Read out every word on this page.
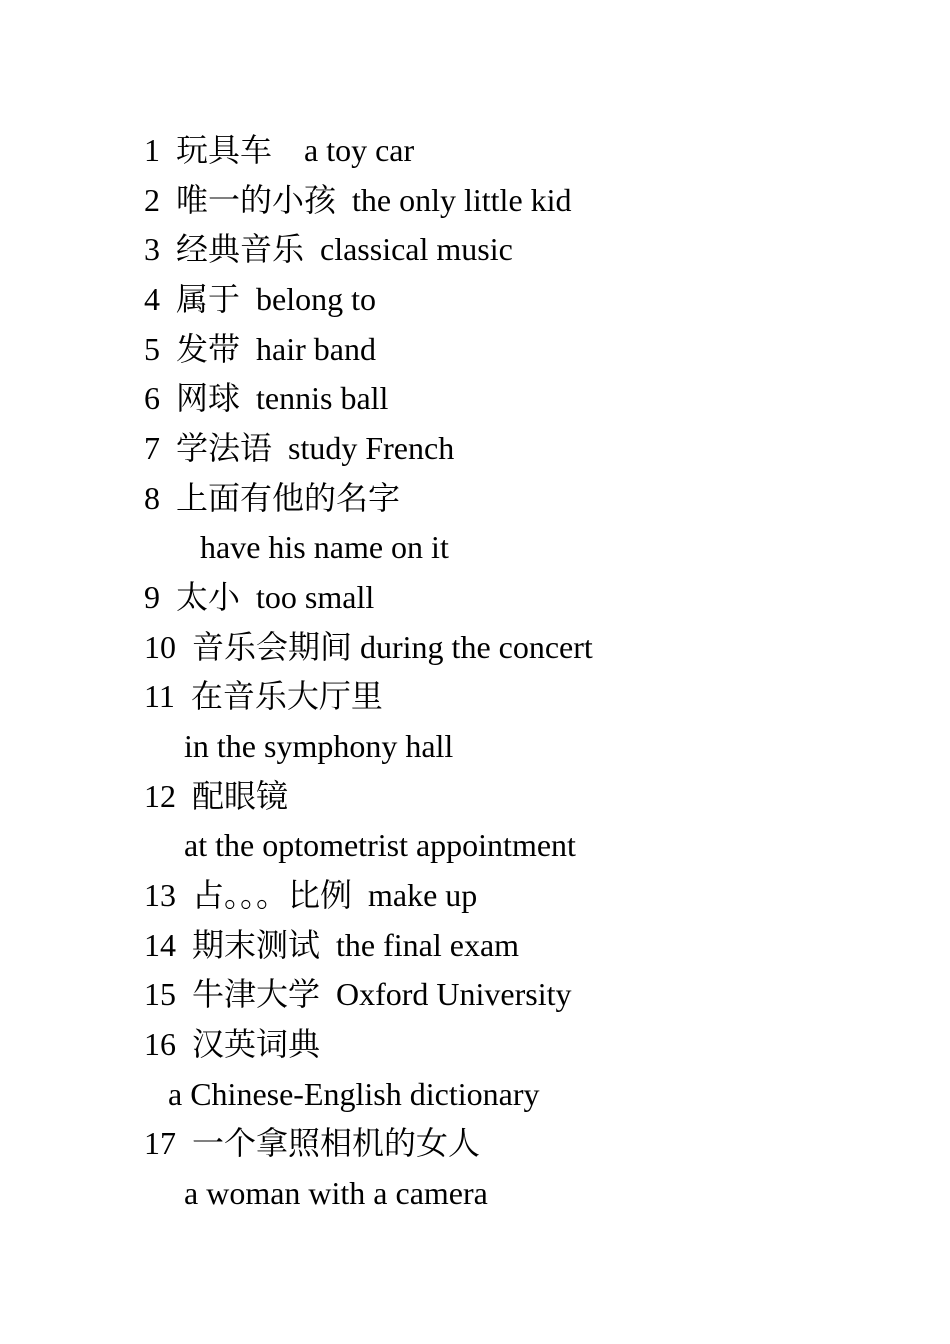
1  玩具车    a toy car
2  唯一的小孩  the only little kid
3  经典音乐  classical music
4  属于  belong to
5  发带  hair band
6  网球  tennis ball
7  学法语  study French
8  上面有他的名字
have his name on it
9  太小  too small
10  音乐会期间 during the concert
11  在音乐大厅里
in the symphony hall
12  配眼镜
at the optometrist appointment
13  占。。。比例  make up
14  期末测试  the final exam
15  牛津大学  Oxford University
16  汉英词典
a Chinese-English dictionary
17  一个拿照相机的女人
a woman with a camera
